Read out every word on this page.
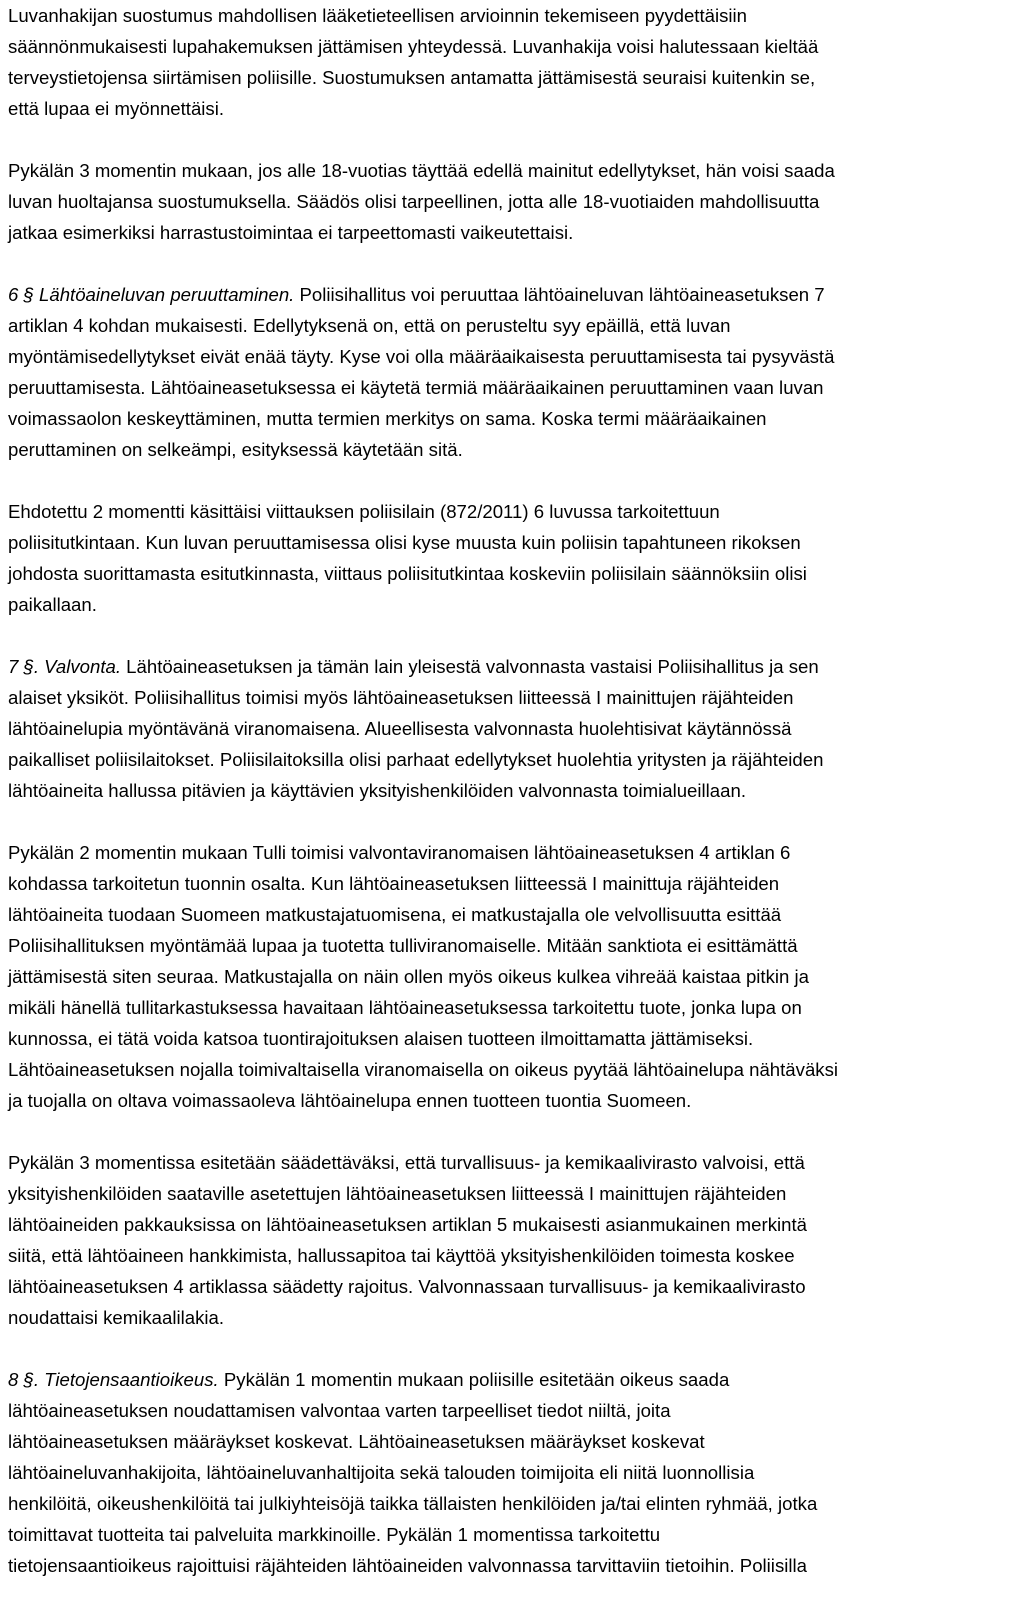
Luvanhakijan suostumus mahdollisen lääketieteellisen arvioinnin tekemiseen pyydettäisiin
säännönmukaisesti lupahakemuksen jättämisen yhteydessä. Luvanhakija voisi halutessaan kieltää
terveystietojensa siirtämisen poliisille. Suostumuksen antamatta jättämisestä seuraisi kuitenkin se,
että lupaa ei myönnettäisi.

Pykälän 3 momentin mukaan, jos alle 18-vuotias täyttää edellä mainitut edellytykset, hän voisi saada
luvan huoltajansa suostumuksella. Säädös olisi tarpeellinen, jotta alle 18-vuotiaiden mahdollisuutta
jatkaa esimerkiksi harrastustoimintaa ei tarpeettomasti vaikeutettaisi.

6 § Lähtöaineluvan peruuttaminen. Poliisihallitus voi peruuttaa lähtöaineluvan lähtöaineasetuksen 7
artiklan 4 kohdan mukaisesti. Edellytyksenä on, että on perusteltu syy epäillä, että luvan
myöntämisedellytykset eivät enää täyty. Kyse voi olla määräaikaisesta peruuttamisesta tai pysyvästä
peruuttamisesta. Lähtöaineasetuksessa ei käytetä termiä määräaikainen peruuttaminen vaan luvan
voimassaolon keskeyttäminen, mutta termien merkitys on sama. Koska termi määräaikainen
peruttaminen on selkeämpi, esityksessä käytetään sitä.

Ehdotettu 2 momentti käsittäisi viittauksen poliisilain (872/2011) 6 luvussa tarkoitettuun
poliisitutkintaan. Kun luvan peruuttamisessa olisi kyse muusta kuin poliisin tapahtuneen rikoksen
johdosta suorittamasta esitutkinnasta, viittaus poliisitutkintaa koskeviin poliisilain säännöksiin olisi
paikallaan.

7 §. Valvonta. Lähtöaineasetuksen ja tämän lain yleisestä valvonnasta vastaisi Poliisihallitus ja sen
alaiset yksiköt. Poliisihallitus toimisi myös lähtöaineasetuksen liitteessä I mainittujen räjähteiden
lähtöainelupia myöntävänä viranomaisena. Alueellisesta valvonnasta huolehtisivat käytännössä
paikalliset poliisilaitokset. Poliisilaitoksilla olisi parhaat edellytykset huolehtia yritysten ja räjähteiden
lähtöaineita hallussa pitävien ja käyttävien yksityishenkilöiden valvonnasta toimialueillaan.

Pykälän 2 momentin mukaan Tulli toimisi valvontaviranomaisen lähtöaineasetuksen 4 artiklan 6
kohdassa tarkoitetun tuonnin osalta. Kun lähtöaineasetuksen liitteessä I mainittuja räjähteiden
lähtöaineita tuodaan Suomeen matkustajatuomisena, ei matkustajalla ole velvollisuutta esittää
Poliisihallituksen myöntämää lupaa ja tuotetta tulliviranomaiselle. Mitään sanktiota ei esittämättä
jättämisestä siten seuraa. Matkustajalla on näin ollen myös oikeus kulkea vihreää kaistaa pitkin ja
mikäli hänellä tullitarkastuksessa havaitaan lähtöaineasetuksessa tarkoitettu tuote, jonka lupa on
kunnossa, ei tätä voida katsoa tuontirajoituksen alaisen tuotteen ilmoittamatta jättämiseksi.
Lähtöaineasetuksen nojalla toimivaltaisella viranomaisella on oikeus pyytää lähtöainelupa nähtäväksi
ja tuojalla on oltava voimassaoleva lähtöainelupa ennen tuotteen tuontia Suomeen.

Pykälän 3 momentissa esitetään säädettäväksi, että turvallisuus- ja kemikaalivirasto valvoisi, että
yksityishenkilöiden saataville asetettujen lähtöaineasetuksen liitteessä I mainittujen räjähteiden
lähtöaineiden pakkauksissa on lähtöaineasetuksen artiklan 5 mukaisesti asianmukainen merkintä
siitä, että lähtöaineen hankkimista, hallussapitoa tai käyttöä yksityishenkilöiden toimesta koskee
lähtöaineasetuksen 4 artiklassa säädetty rajoitus. Valvonnassaan turvallisuus- ja kemikaalivirasto
noudattaisi kemikaalilakia.

8 §. Tietojensaantioikeus. Pykälän 1 momentin mukaan poliisille esitetään oikeus saada
lähtöaineasetuksen noudattamisen valvontaa varten tarpeelliset tiedot niiltä, joita
lähtöaineasetuksen määräykset koskevat. Lähtöaineasetuksen määräykset koskevat
lähtöaineluvanhakijoita, lähtöaineluvanhaltijoita sekä talouden toimijoita eli niitä luonnollisia
henkilöitä, oikeushenkilöitä tai julkiyhteisöjä taikka tällaisten henkilöiden ja/tai elinten ryhmää, jotka
toimittavat tuotteita tai palveluita markkinoille. Pykälän 1 momentissa tarkoitettu
tietojensaantioikeus rajoittuisi räjähteiden lähtöaineiden valvonnassa tarvittaviin tietoihin. Poliisilla
